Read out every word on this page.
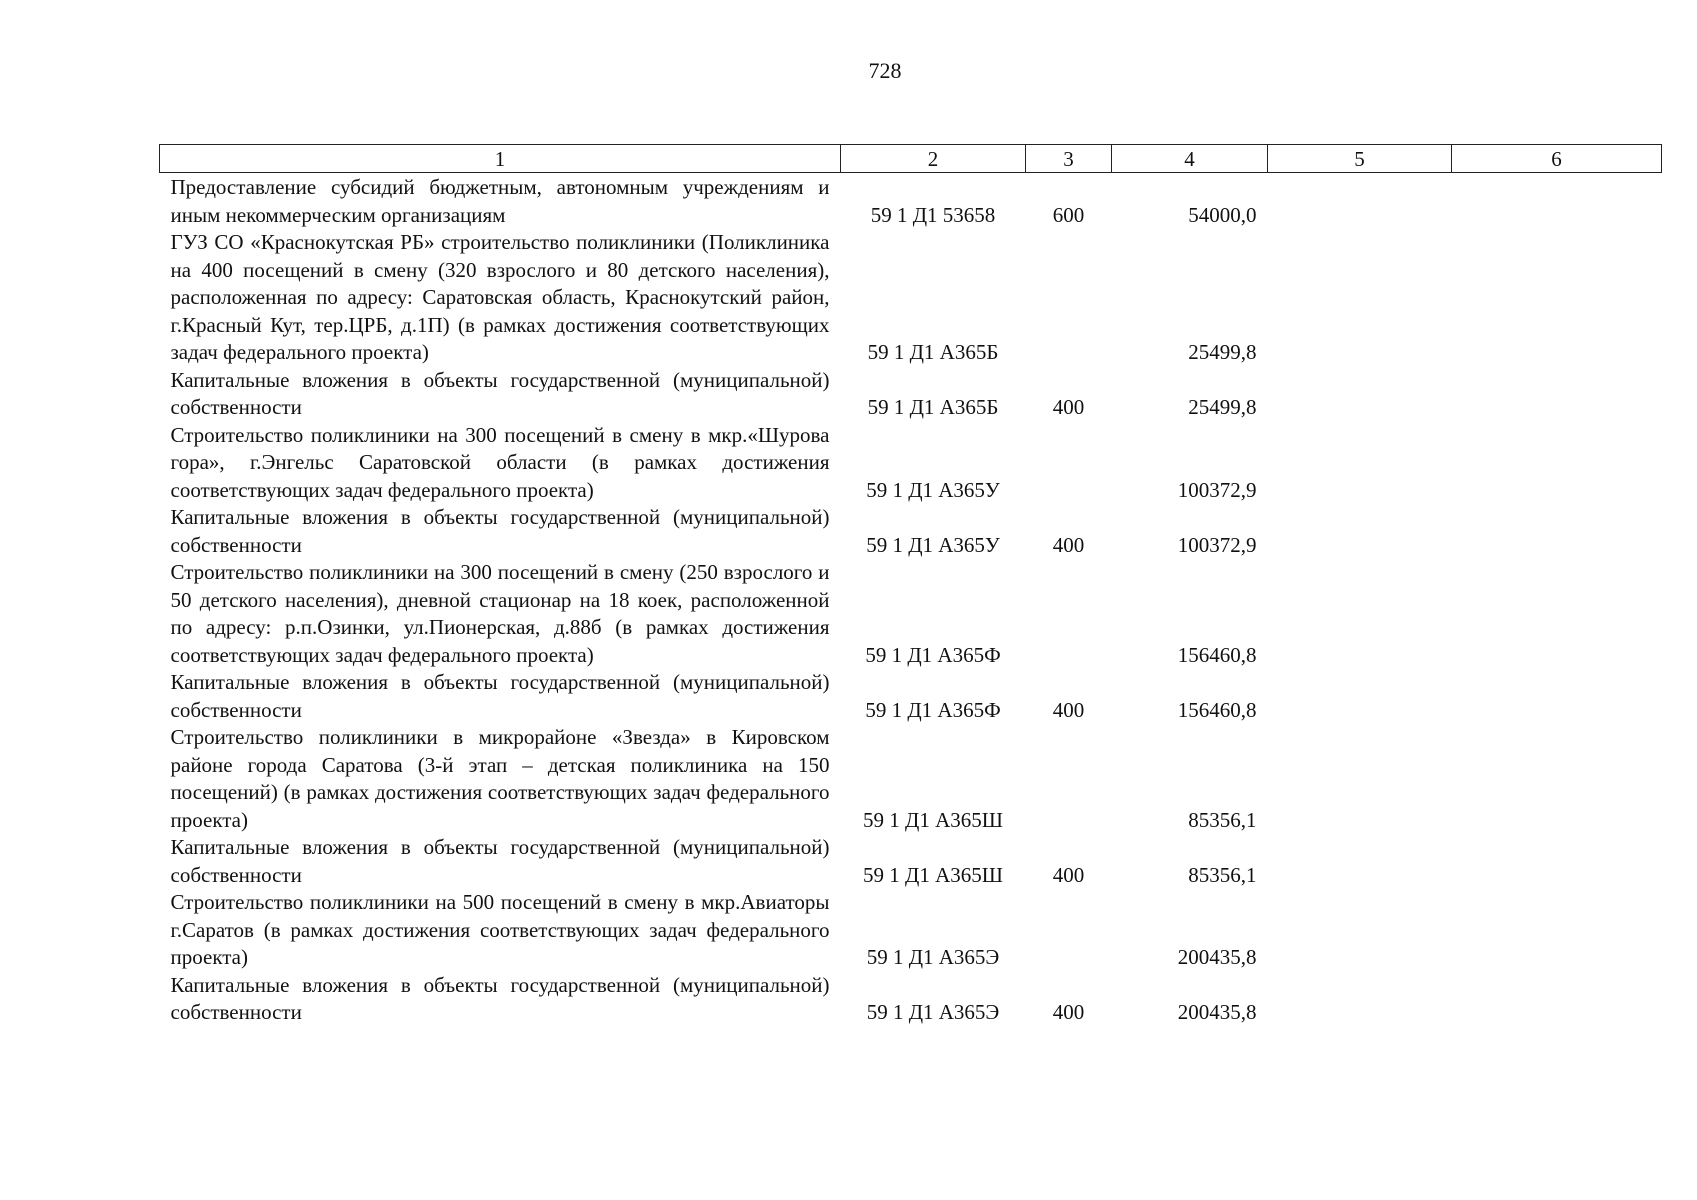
728
1	2	3	4	5	6
Предоставление субсидий бюджетным, автономным учреждениям и иным некоммерческим организациям	59 1 Д1 53658	600	54000,0		
ГУЗ СО «Краснокутская РБ» строительство поликлиники (Поликлиника на 400 посещений в смену (320 взрослого и 80 детского населения), расположенная по адресу: Саратовская область, Краснокутский район, г.Красный Кут, тер.ЦРБ, д.1П) (в рамках достижения соответствующих задач федерального проекта)	59 1 Д1 А365Б		25499,8		
Капитальные вложения в объекты государственной (муниципальной) собственности	59 1 Д1 А365Б	400	25499,8		
Строительство поликлиники на 300 посещений в смену в мкр.«Шурова гора», г.Энгельс Саратовской области (в рамках достижения соответствующих задач федерального проекта)	59 1 Д1 А365У		100372,9		
Капитальные вложения в объекты государственной (муниципальной) собственности	59 1 Д1 А365У	400	100372,9		
Строительство поликлиники на 300 посещений в смену (250 взрослого и 50 детского населения), дневной стационар на 18 коек, расположенной по адресу: р.п.Озинки, ул.Пионерская, д.88б (в рамках достижения соответствующих задач федерального проекта)	59 1 Д1 А365Ф		156460,8		
Капитальные вложения в объекты государственной (муниципальной) собственности	59 1 Д1 А365Ф	400	156460,8		
Строительство поликлиники в микрорайоне «Звезда» в Кировском районе города Саратова (3-й этап – детская поликлиника на 150 посещений) (в рамках достижения соответствующих задач федерального проекта)	59 1 Д1 А365Ш		85356,1		
Капитальные вложения в объекты государственной (муниципальной) собственности	59 1 Д1 А365Ш	400	85356,1		
Строительство поликлиники на 500 посещений в смену в мкр.Авиаторы г.Саратов (в рамках достижения соответствующих задач федерального проекта)	59 1 Д1 А365Э		200435,8		
Капитальные вложения в объекты государственной (муниципальной) собственности	59 1 Д1 А365Э	400	200435,8		
